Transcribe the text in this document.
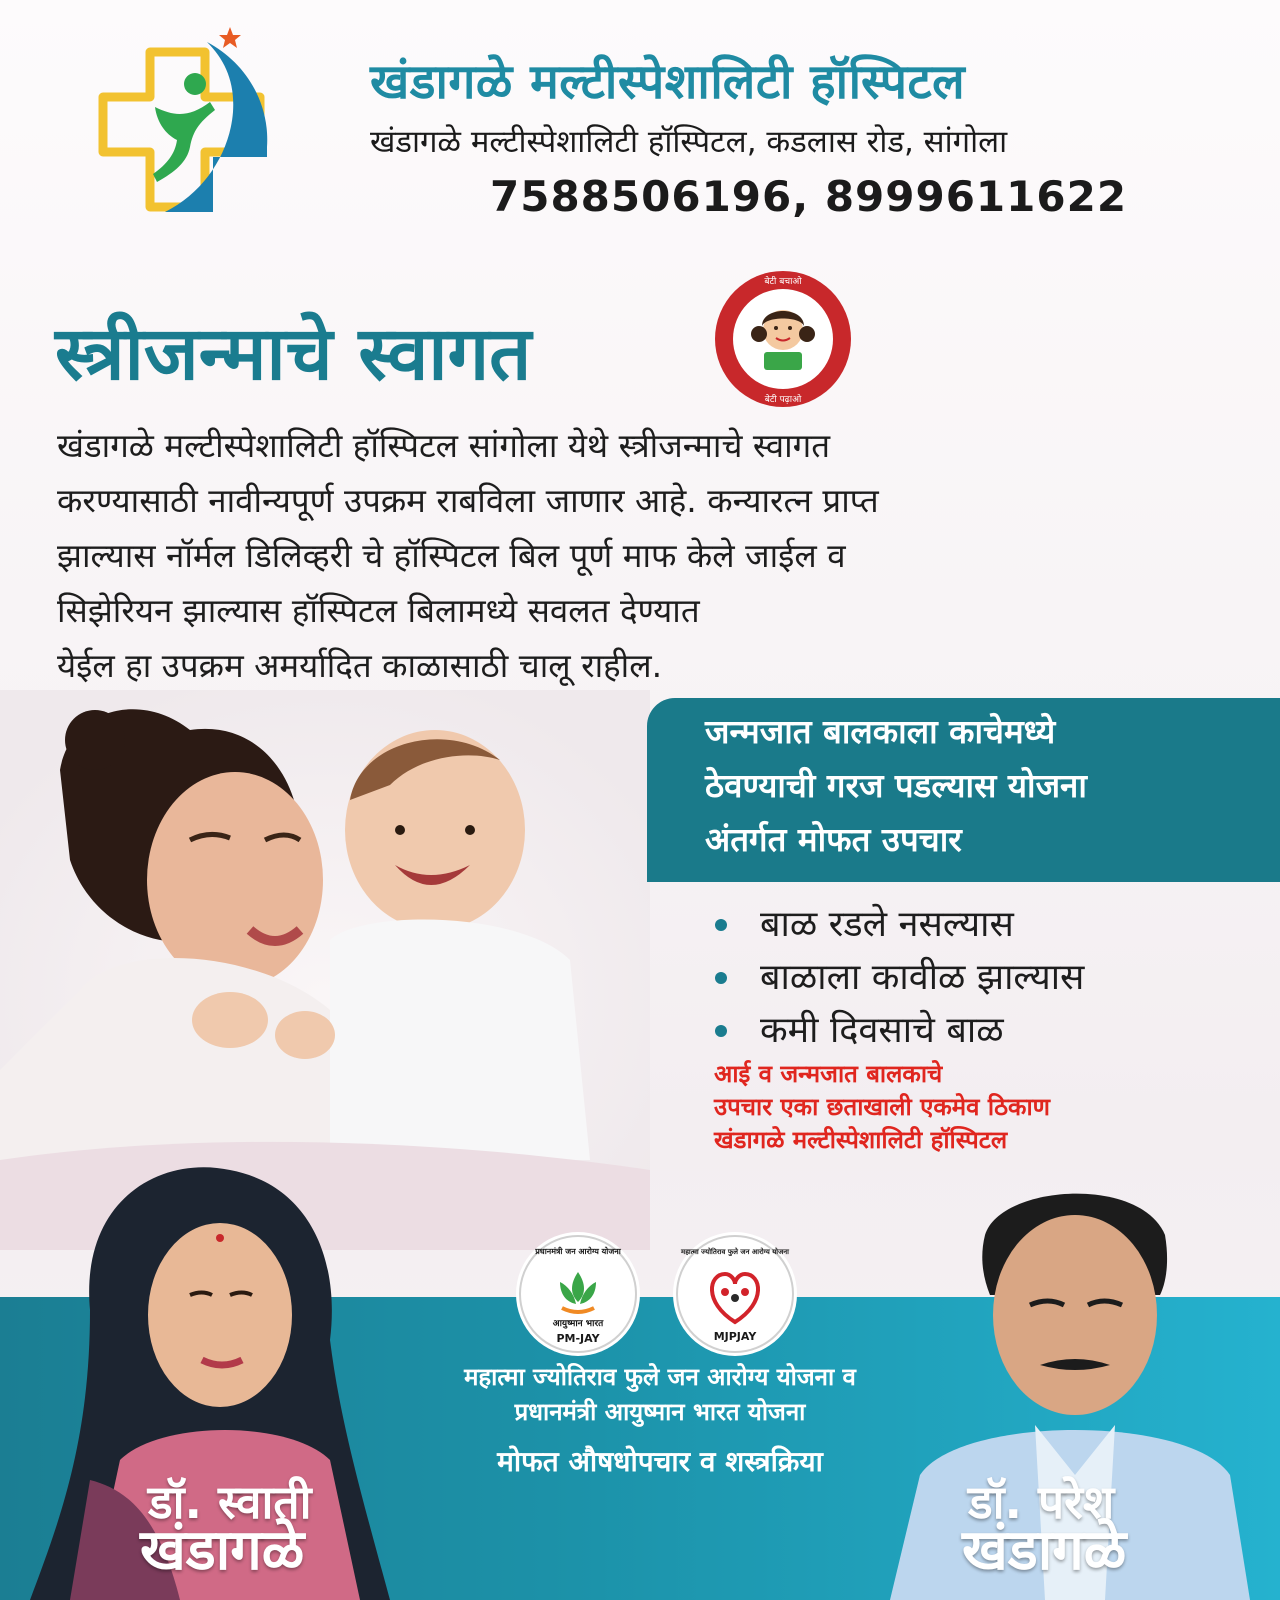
खंडागळे मल्टीस्पेशालिटी हॉस्पिटल
खंडागळे मल्टीस्पेशालिटी हॉस्पिटल, कडलास रोड, सांगोला
7588506196, 8999611622
स्त्रीजन्माचे स्वागत
बेटी बचाओ
बेटी पढ़ाओ
खंडागळे मल्टीस्पेशालिटी हॉस्पिटल सांगोला येथे स्त्रीजन्माचे स्वागत
करण्यासाठी नावीन्यपूर्ण उपक्रम राबविला जाणार आहे. कन्यारत्न प्राप्त
झाल्यास नॉर्मल डिलिव्हरी चे हॉस्पिटल बिल पूर्ण माफ केले जाईल व
सिझेरियन झाल्यास हॉस्पिटल बिलामध्ये सवलत देण्यात
येईल हा उपक्रम अमर्यादित काळासाठी चालू राहील.
जन्मजात बालकाला काचेमध्ये
ठेवण्याची गरज पडल्यास योजना
अंतर्गत मोफत उपचार
बाळ रडले नसल्यास
बाळाला कावीळ झाल्यास
कमी दिवसाचे बाळ
आई व जन्मजात बालकाचे
उपचार एका छताखाली एकमेव ठिकाण
खंडागळे मल्टीस्पेशालिटी हॉस्पिटल
डॉ. स्वाती
खंडागळे
डॉ. परेश
खंडागळे
प्रधानमंत्री जन आरोग्य योजना
आयुष्मान भारत
PM-JAY
महात्मा ज्योतिराव फुले जन आरोग्य योजना
MJPJAY
महात्मा ज्योतिराव फुले जन आरोग्य योजना व
प्रधानमंत्री आयुष्मान भारत योजना
मोफत औषधोपचार व शस्त्रक्रिया
